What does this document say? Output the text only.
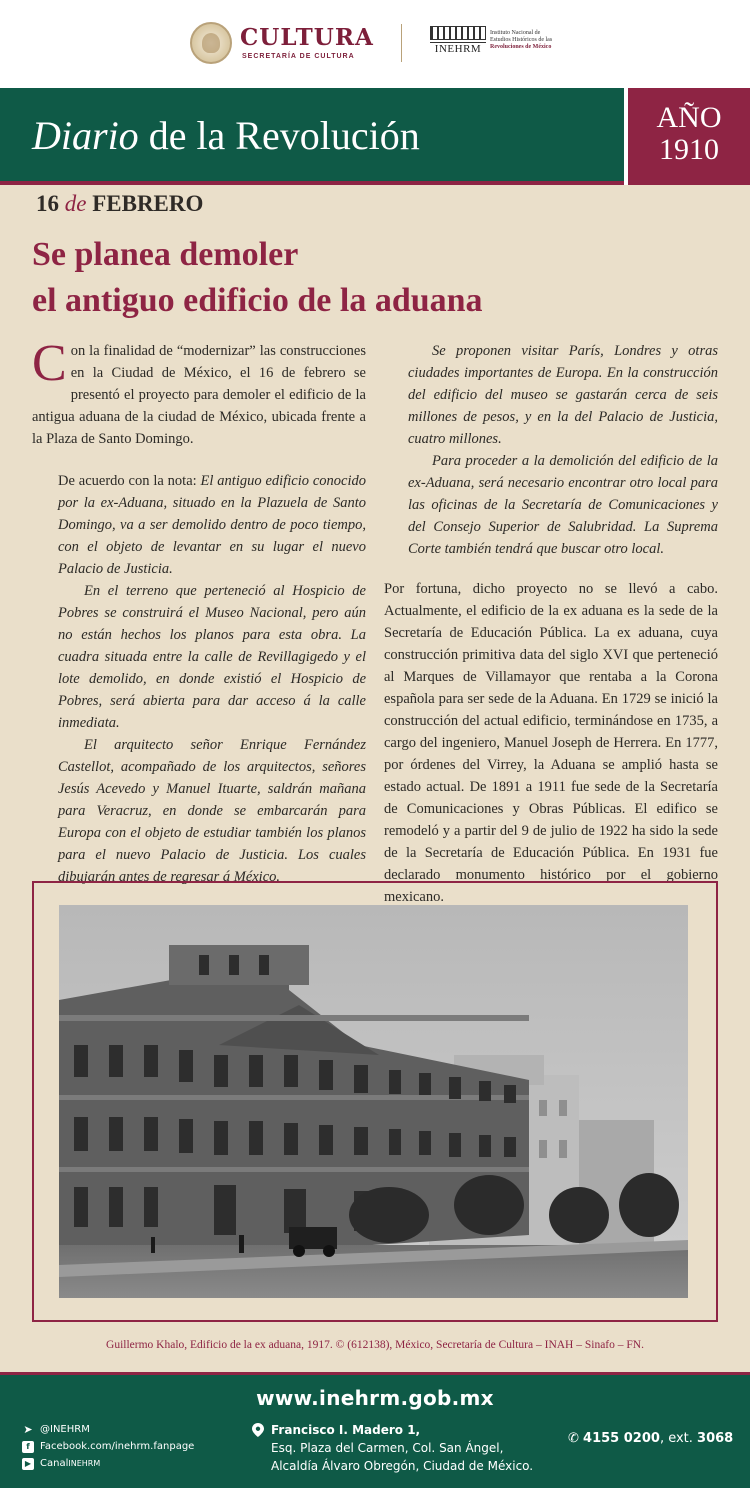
CULTURA
SECRETARÍA DE CULTURA
INEHRM
Instituto Nacional de
Estudios Históricos de las
Revoluciones de México
Diario de la Revolución	AÑO
1910
16 de FEBRERO
Se planea demoler
el antiguo edificio de la aduana

Con la finalidad de “modernizar” las construcciones en la Ciudad de México, el 16 de febrero se presentó el proyecto para demoler el edificio de la antigua aduana de la ciudad de México, ubicada frente a la Plaza de Santo Domingo.

De acuerdo con la nota: El antiguo edificio conocido por la ex-Aduana, situado en la Plazuela de Santo Domingo, va a ser demolido dentro de poco tiempo, con el objeto de levantar en su lugar el nuevo Palacio de Justicia.

En el terreno que perteneció al Hospicio de Pobres se construirá el Museo Nacional, pero aún no están hechos los planos para esta obra. La cuadra situada entre la calle de Revillagigedo y el lote demolido, en donde existió el Hospicio de Pobres, será abierta para dar acceso á la calle inmediata.

El arquitecto señor Enrique Fernández Castellot, acompañado de los arquitectos, señores Jesús Acevedo y Manuel Ituarte, saldrán mañana para Veracruz, en donde se embarcarán para Europa con el objeto de estudiar también los planos para el nuevo Palacio de Justicia. Los cuales dibujarán antes de regresar á México.

Se proponen visitar París, Londres y otras ciudades importantes de Europa. En la construcción del edificio del museo se gastarán cerca de seis millones de pesos, y en la del Palacio de Justicia, cuatro millones.

Para proceder a la demolición del edificio de la ex-Aduana, será necesario encontrar otro local para las oficinas de la Secretaría de Comunicaciones y del Consejo Superior de Salubridad. La Suprema Corte también tendrá que buscar otro local.

Por fortuna, dicho proyecto no se llevó a cabo. Actualmente, el edificio de la ex aduana es la sede de la Secretaría de Educación Pública. La ex aduana, cuya construcción primitiva data del siglo XVI que perteneció al Marques de Villamayor que rentaba a la Corona española para ser sede de la Aduana. En 1729 se inició la construcción del actual edificio, terminándose en 1735, a cargo del ingeniero, Manuel Joseph de Herrera. En 1777, por órdenes del Virrey, la Aduana se amplió hasta se estado actual. De 1891 a 1911 fue sede de la Secretaría de Comunicaciones y Obras Públicas. El edifico se remodeló y a partir del 9 de julio de 1922 ha sido la sede de la Secretaría de Educación Pública. En 1931 fue declarado monumento histórico por el gobierno mexicano.

Guillermo Khalo, Edificio de la ex aduana, 1917. © (612138), México, Secretaría de Cultura – INAH – Sinafo – FN.
www.inehrm.gob.mx
➤ @INEHRM
f	Facebook.com/inehrm.fanpage
▶ Canal INEHRM
Francisco I. Madero 1,
Esq. Plaza del Carmen, Col. San Ángel,
Alcaldía Álvaro Obregón, Ciudad de México.
✆ 4155 0200, ext. 3068
